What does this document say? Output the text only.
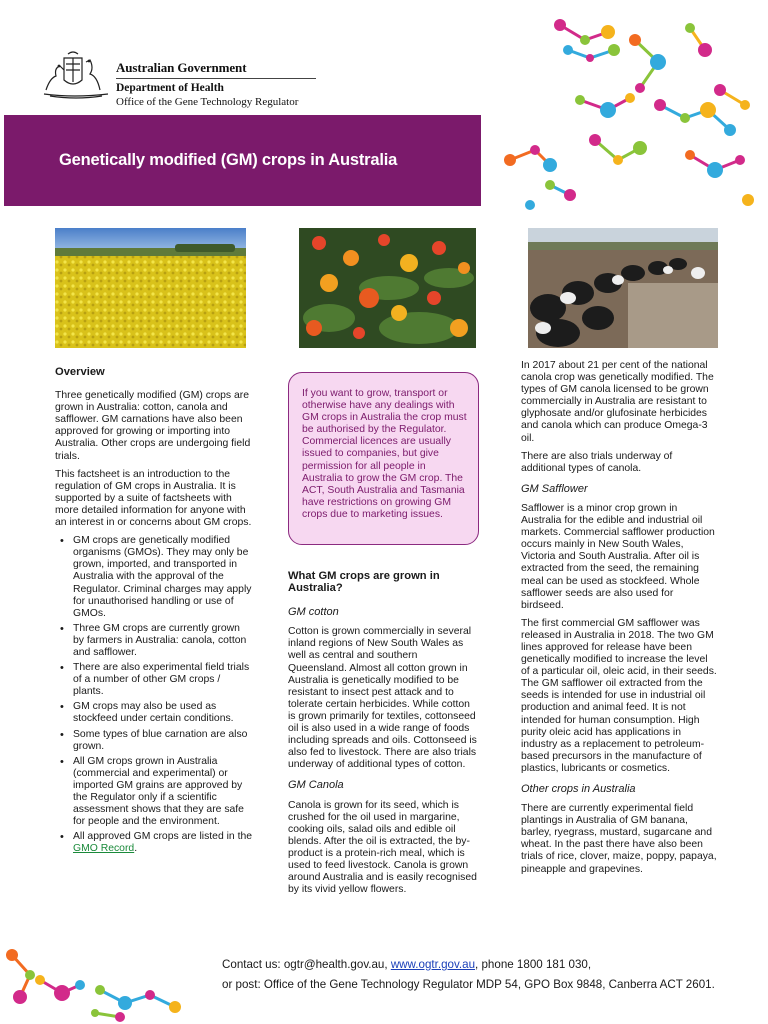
Australian Government
Department of Health
Office of the Gene Technology Regulator
Genetically modified (GM) crops in Australia
Overview

Three genetically modified (GM) crops are grown in Australia: cotton, canola and safflower. GM carnations have also been approved for growing or importing into Australia. Other crops are undergoing field trials.

This factsheet is an introduction to the regulation of GM crops in Australia. It is supported by a suite of factsheets with more detailed information for anyone with an interest in or concerns about GM crops.

• GM crops are genetically modified organisms (GMOs). They may only be grown, imported, and transported in Australia with the approval of the Regulator. Criminal charges may apply for unauthorised handling or use of GMOs.
• Three GM crops are currently grown by farmers in Australia: canola, cotton and safflower.
• There are also experimental field trials of a number of other GM crops / plants.
• GM crops may also be used as stockfeed under certain conditions.
• Some types of blue carnation are also grown.
• All GM crops grown in Australia (commercial and experimental) or imported GM grains are approved by the Regulator only if a scientific assessment shows that they are safe for people and the environment.
• All approved GM crops are listed in the GMO Record.
If you want to grow, transport or otherwise have any dealings with GM crops in Australia the crop must be authorised by the Regulator. Commercial licences are usually issued to companies, but give permission for all people in Australia to grow the GM crop. The ACT, South Australia and Tasmania have restrictions on growing GM crops due to marketing issues.
What GM crops are grown in Australia?
GM cotton

Cotton is grown commercially in several inland regions of New South Wales as well as central and southern Queensland. Almost all cotton grown in Australia is genetically modified to be resistant to insect pest attack and to tolerate certain herbicides. While cotton is grown primarily for textiles, cottonseed oil is also used in a wide range of foods including spreads and oils. Cottonseed is also fed to livestock. There are also trials underway of additional types of cotton.

GM Canola

Canola is grown for its seed, which is crushed for the oil used in margarine, cooking oils, salad oils and edible oil blends. After the oil is extracted, the by-product is a protein-rich meal, which is used to feed livestock. Canola is grown around Australia and is easily recognised by its vivid yellow flowers.

In 2017 about 21 per cent of the national canola crop was genetically modified. The types of GM canola licensed to be grown commercially in Australia are resistant to glyphosate and/or glufosinate herbicides and canola which can produce Omega-3 oil.

There are also trials underway of additional types of canola.

GM Safflower

Safflower is a minor crop grown in Australia for the edible and industrial oil markets. Commercial safflower production occurs mainly in New South Wales, Victoria and South Australia. After oil is extracted from the seed, the remaining meal can be used as stockfeed. Whole safflower seeds are also used for birdseed.

The first commercial GM safflower was released in Australia in 2018. The two GM lines approved for release have been genetically modified to increase the level of a particular oil, oleic acid, in their seeds. The GM safflower oil extracted from the seeds is intended for use in industrial oil production and animal feed. It is not intended for human consumption. High purity oleic acid has applications in industry as a replacement to petroleum-based precursors in the manufacture of plastics, lubricants or cosmetics.

Other crops in Australia

There are currently experimental field plantings in Australia of GM banana, barley, ryegrass, mustard, sugarcane and wheat. In the past there have also been trials of rice, clover, maize, poppy, papaya, pineapple and grapevines.

Contact us: ogtr@health.gov.au, www.ogtr.gov.au, phone 1800 181 030,
or post: Office of the Gene Technology Regulator MDP 54, GPO Box 9848, Canberra ACT 2601.
